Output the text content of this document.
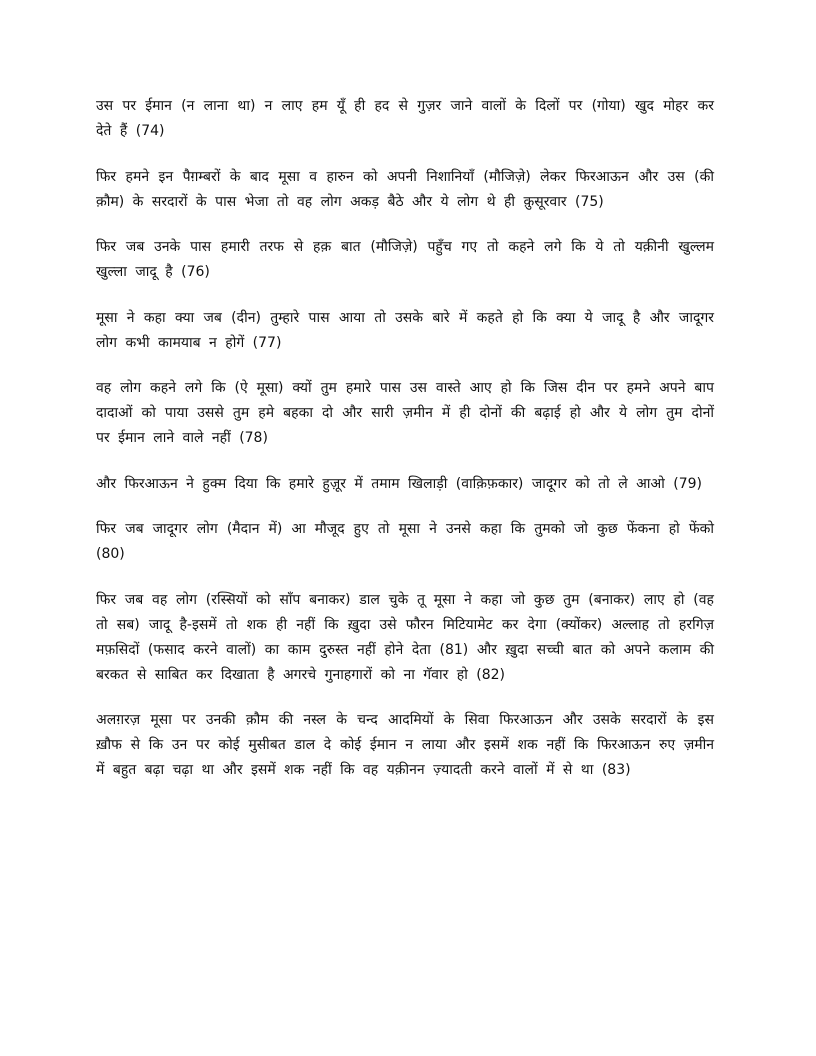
उस पर ईमान (न लाना था) न लाए हम यूँ ही हद से गुज़र जाने वालों के दिलों पर (गोया) खुद मोहर कर देते हैं (74)

फिर हमने इन पैग़म्बरों के बाद मूसा व हारुन को अपनी निशानियाँ (मौजिज़े) लेकर फिरआऊन और उस (की क़ौम) के सरदारों के पास भेजा तो वह लोग अकड़ बैठे और ये लोग थे ही क़ुसूरवार (75)

फिर जब उनके पास हमारी तरफ से हक़ बात (मौजिज़े) पहुँच गए तो कहने लगे कि ये तो यक़ीनी खुल्लम खुल्ला जादू है (76)

मूसा ने कहा क्या जब (दीन) तुम्हारे पास आया तो उसके बारे में कहते हो कि क्या ये जादू है और जादूगर लोग कभी कामयाब न होगें (77)

वह लोग कहने लगे कि (ऐ मूसा) क्यों तुम हमारे पास उस वास्ते आए हो कि जिस दीन पर हमने अपने बाप दादाओं को पाया उससे तुम हमे बहका दो और सारी ज़मीन में ही दोनों की बढ़ाई हो और ये लोग तुम दोनों पर ईमान लाने वाले नहीं (78)

और फिरआऊन ने हुक्म दिया कि हमारे हुज़ूर में तमाम खिलाड़ी (वाक़िफ़कार) जादूगर को तो ले आओ (79)

फिर जब जादूगर लोग (मैदान में) आ मौजूद हुए तो मूसा ने उनसे कहा कि तुमको जो कुछ फेंकना हो फेंको (80)

फिर जब वह लोग (रस्सियों को साँप बनाकर) डाल चुके तू मूसा ने कहा जो कुछ तुम (बनाकर) लाए हो (वह तो सब) जादू है-इसमें तो शक ही नहीं कि ख़ुदा उसे फौरन मिटियामेट कर देगा (क्योंकर) अल्लाह तो हरगिज़ मफ़सिदों (फसाद करने वालों) का काम दुरुस्त नहीं होने देता (81) और ख़ुदा सच्ची बात को अपने कलाम की बरकत से साबित कर दिखाता है अगरचे गुनाहगारों को ना गॅवार हो (82)

अलग़रज़ मूसा पर उनकी क़ौम की नस्ल के चन्द आदमियों के सिवा फिरआऊन और उसके सरदारों के इस ख़ौफ से कि उन पर कोई मुसीबत डाल दे कोई ईमान न लाया और इसमें शक नहीं कि फिरआऊन रुए ज़मीन में बहुत बढ़ा चढ़ा था और इसमें शक नहीं कि वह यक़ीनन ज़्यादती करने वालों में से था (83)
